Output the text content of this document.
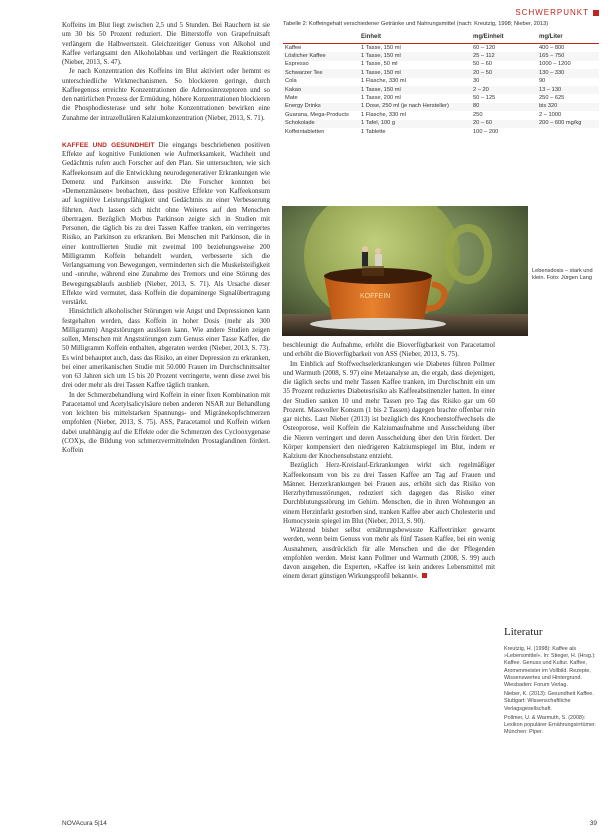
SCHWERPUNKT

Koffeins im Blut liegt zwischen 2,5 und 5 Stunden. Bei Rauchern ist sie um 30 bis 50 Prozent reduziert. Die Bitterstoffe von Grapefruitsaft verlängern die Halbwertszeit. Gleichzeitiger Genuss von Alkohol und Kaffee verlangsamt den Alkoholabbau und verlängert die Reaktionszeit (Nieber, 2013, S. 47).

Je nach Konzentration des Koffeins im Blut aktiviert oder hemmt es unterschiedliche Wirkmechanismen. So blockieren geringe, durch Kaffeegenuss erreichte Konzentrationen die Adenosinrezeptoren und so den natürlichen Prozess der Ermüdung, höhere Konzentrationen blockieren die Phosphodiesterase und sehr hohe Konzentrationen bewirken eine Zunahme der intrazellulären Kalziumkonzentration (Nieber, 2013, S. 71).

KAFFEE UND GESUNDHEIT Die eingangs beschriebenen positiven Effekte auf kognitive Funktionen wie Aufmerksamkeit, Wachheit und Gedächtnis rufen auch Forscher auf den Plan. Sie untersuchten, wie sich Kaffeekonsum auf die Entwicklung neurodegenerativer Erkrankungen wie Demenz und Parkinson auswirkt. Die Forscher konnten bei »Demenzmäusen« beobachten, dass positive Effekte von Kaffeekonsum auf kognitive Leistungsfähigkeit und Gedächtnis zu einer Verbesserung führten. Auch lassen sich nicht ohne Weiteres auf den Menschen übertragen. Bezüglich Morbus Parkinson zeigte sich in Studien mit Personen, die täglich bis zu drei Tassen Kaffee tranken, ein verringertes Risiko, an Parkinson zu erkranken. Bei Menschen mit Parkinson, die in einer kontrollierten Studie mit zweimal 100 beziehungsweise 200 Milligramm Koffein behandelt wurden, verbesserte sich die Verlangsamung von Bewegungen, verminderten sich die Muskelsteifigkeit und -unruhe, während eine Zunahme des Tremors und eine Störung des Bewegungsablaufs ausblieb (Nieber, 2013, S. 71). Als Ursache dieser Effekte wird vermutet, dass Koffein die dopaminerge Signalübertragung verstärkt.

Hinsichtlich alkoholischer Störungen wie Angst und Depressionen kann festgehalten werden, dass Koffein in hoher Dosis (mehr als 300 Milligramm) Angststörungen auslösen kann. Wie andere Studien zeigen sollen, Menschen mit Angststörungen zum Genuss einer Tasse Kaffee, die 50 Milligramm Koffein enthalten, abgeraten werden (Nieber, 2013, S. 73). Es wird behauptet auch, dass das Risiko, an einer Depression zu erkranken, bei einer amerikanischen Studie mit 50.000 Frauen im Durchschnittsalter von 63 Jahren sich um 15 bis 20 Prozent verringerte, wenn diese zwei bis drei oder mehr als drei Tassen Kaffee täglich tranken.

In der Schmerzbehandlung wird Koffein in einer fixen Kombination mit Paracetamol und Acetylsalicylsäure neben anderen NSAR zur Behandlung von leichten bis mittelstarken Spannungs- und Migränekopfschmerzen empfohlen (Nieber, 2013, S. 75). ASS, Paracetamol und Koffein wirken dabei unabhängig auf die Effekte oder die Schmerzen des Cyclooxygenase (COX)s, die Bildung von schmerzvermittelnden Prostaglandinen fördert. Koffein

Tabelle 2: Koffeingehalt verschiedener Getränke und Nahrungsmittel (nach: Kreutzig, 1998; Nieber, 2013)
	Einheit	mg/Einheit	mg/Liter
Kaffee	1 Tasse, 150 ml	60 – 120	400 – 800
Löslicher Kaffee	1 Tasse, 150 ml	25 – 112	165 – 750
Espresso	1 Tasse, 50 ml	50 – 60	1000 – 1200
Schwarzer Tee	1 Tasse, 150 ml	20 – 50	130 – 330
Cola	1 Flasche, 330 ml	30	90
Kakao	1 Tasse, 150 ml	2 – 20	13 – 130
Mate	1 Tasse, 200 ml	50 – 125	250 – 625
Energy Drinks	1 Dose, 250 ml (je nach Hersteller)	80	bis 320
Guarana, Mega-Products	1 Flasche, 330 ml	250	2 – 1000
Schokolade	1 Tafel, 100 g	20 – 60	200 – 600 mg/kg
Koffeintabletten	1 Tablette	100 – 200	
KOFFEIN
Lebensdosis – stark und klein. Foto: Jürgen Lang

beschleunigt die Aufnahme, erhöht die Bioverfügbarkeit von Paracetamol und erhöht die Bioverfügbarkeit von ASS (Nieber, 2013, S. 75).

Im Einblick auf Stoffwechselerkrankungen wie Diabetes führen Pollmer und Warmuth (2008, S. 97) eine Metaanalyse an, die ergab, dass diejenigen, die täglich sechs und mehr Tassen Kaffee tranken, im Durchschnitt ein um 35 Prozent reduziertes Diabetesrisiko als Kaffeeabstinenzler hatten. In einer der Studien sanken 10 und mehr Tassen pro Tag das Risiko gar um 60 Prozent. Massvoller Konsum (1 bis 2 Tassen) dagegen brachte offenbar rein gar nichts. Laut Nieber (2013) ist bezüglich des Knochenstoffwechsels die Osteoporose, weil Koffein die Kalziumaufnahme und Ausscheidung über die Nieren verringert und deren Ausscheidung über den Urin fördert. Der Körper kompensiert den niedrigeren Kalziumspiegel im Blut, indem er Kalzium der Knochensubstanz entzieht.

Bezüglich Herz-Kreislauf-Erkrankungen wirkt sich regelmäßiger Kaffeekonsum von bis zu drei Tassen Kaffee am Tag auf Frauen und Männer. Herzerkrankungen bei Frauen aus, erhöht sich das Risiko von Herzrhythmusstörungen, reduziert sich dagegen das Risiko einer Durchblutungsstörung im Gehirn. Menschen, die in ihren Wohnungen an einem Herzinfarkt gestorben sind, tranken Kaffee aber auch Cholesterin und Homocystein spiegel im Blut (Nieber, 2013, S. 90).

Während bisher selbst ernährungsbewusste Kaffeetrinker gewarnt werden, wenn beim Genuss von mehr als fünf Tassen Kaffee, bei ein wenig Ausnahmen, ausdrücklich für alle Menschen und die der Pflegenden empfohlen werden. Meist kann Pollmer und Warmuth (2008, S. 99) auch davon ausgehen, die Experten, »Kaffee ist kein anderes Lebensmittel mit einem derart günstigen Wirkungsprofil bekannt«.

Literatur

Kreutzig, H. (1998): Kaffee als »Lebensmittel«. In: Stieger, H. (Hrsg.): Kaffee. Genuss und Kultur. Kaffee, Aromenmeister im Vollbild. Rezepte, Wissenswertes und Hintergrund. Wiesbaden: Forum Verlag.

Nieber, K. (2013): Gesundheit Kaffee. Stuttgart: Wissenschaftliche Verlagsgesellschaft.

Pollmer, U. & Warmuth, S. (2008): Lexikon populärer Ernährungsirrtümer. München: Piper.

NOVAcura 5|14	39
